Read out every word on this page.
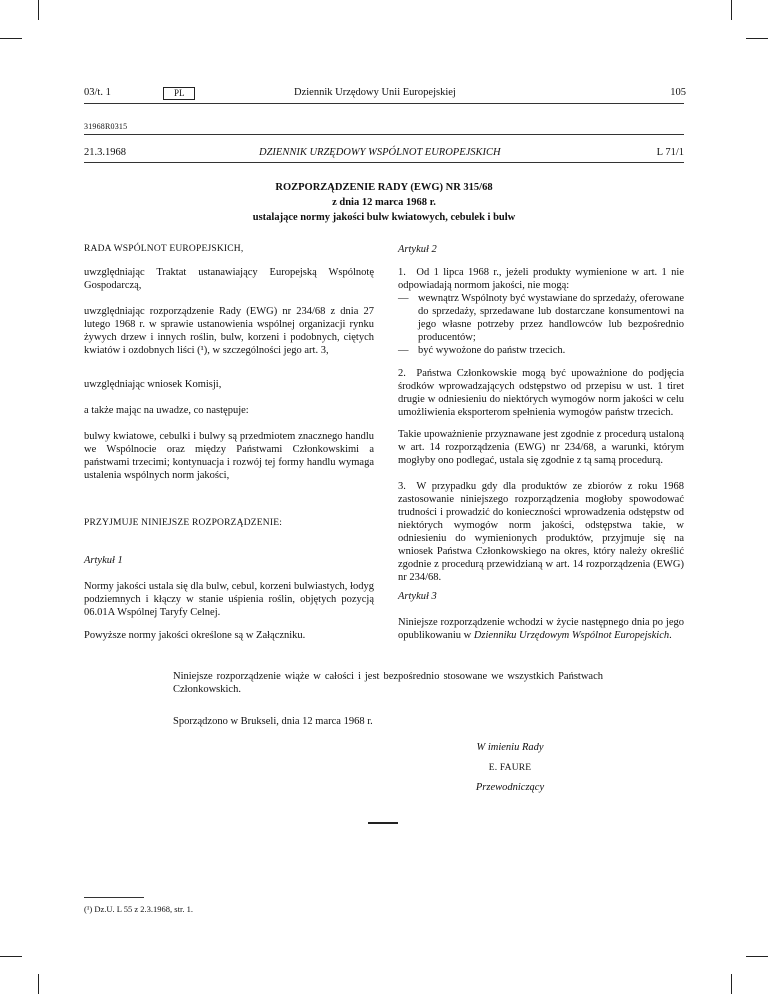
03/t. 1	PL	Dziennik Urzędowy Unii Europejskiej	105
31968R0315
21.3.1968	DZIENNIK URZĘDOWY WSPÓLNOT EUROPEJSKICH	L 71/1
ROZPORZĄDZENIE RADY (EWG) NR 315/68
z dnia 12 marca 1968 r.
ustalające normy jakości bulw kwiatowych, cebulek i bulw

RADA WSPÓLNOT EUROPEJSKICH,

uwzględniając Traktat ustanawiający Europejską Wspólnotę Gospodarczą,

uwzględniając rozporządzenie Rady (EWG) nr 234/68 z dnia 27 lutego 1968 r. w sprawie ustanowienia wspólnej organizacji rynku żywych drzew i innych roślin, bulw, korzeni i podobnych, ciętych kwiatów i ozdobnych liści (¹), w szczególności jego art. 3,

uwzględniając wniosek Komisji,

a także mając na uwadze, co następuje:

bulwy kwiatowe, cebulki i bulwy są przedmiotem znacznego handlu we Wspólnocie oraz między Państwami Członkowskimi a państwami trzecimi; kontynuacja i rozwój tej formy handlu wymaga ustalenia wspólnych norm jakości,

PRZYJMUJE NINIEJSZE ROZPORZĄDZENIE:

Artykuł 1

Normy jakości ustala się dla bulw, cebul, korzeni bulwiastych, łodyg podziemnych i kłączy w stanie uśpienia roślin, objętych pozycją 06.01A Wspólnej Taryfy Celnej.

Powyższe normy jakości określone są w Załączniku.

Artykuł 2

1. Od 1 lipca 1968 r., jeżeli produkty wymienione w art. 1 nie odpowiadają normom jakości, nie mogą:

— wewnątrz Wspólnoty być wystawiane do sprzedaży, oferowane do sprzedaży, sprzedawane lub dostarczane konsumentowi na jego własne potrzeby przez handlowców lub bezpośrednio producentów;
— być wywożone do państw trzecich.

2. Państwa Członkowskie mogą być upoważnione do podjęcia środków wprowadzających odstępstwo od przepisu w ust. 1 tiret drugie w odniesieniu do niektórych wymogów norm jakości w celu umożliwienia eksporterom spełnienia wymogów państw trzecich.

Takie upoważnienie przyznawane jest zgodnie z procedurą ustaloną w art. 14 rozporządzenia (EWG) nr 234/68, a warunki, którym mogłyby ono podlegać, ustala się zgodnie z tą samą procedurą.

3. W przypadku gdy dla produktów ze zbiorów z roku 1968 zastosowanie niniejszego rozporządzenia mogłoby spowodować trudności i prowadzić do konieczności wprowadzenia odstępstw od niektórych wymogów norm jakości, odstępstwa takie, w odniesieniu do wymienionych produktów, przyjmuje się na wniosek Państwa Członkowskiego na okres, który należy określić zgodnie z procedurą przewidzianą w art. 14 rozporządzenia (EWG) nr 234/68.

Artykuł 3

Niniejsze rozporządzenie wchodzi w życie następnego dnia po jego opublikowaniu w Dzienniku Urzędowym Wspólnot Europejskich.

Niniejsze rozporządzenie wiąże w całości i jest bezpośrednio stosowane we wszystkich Państwach Członkowskich.

Sporządzono w Brukseli, dnia 12 marca 1968 r.

W imieniu Rady
E. FAURE
Przewodniczący
(¹) Dz.U. L 55 z 2.3.1968, str. 1.
